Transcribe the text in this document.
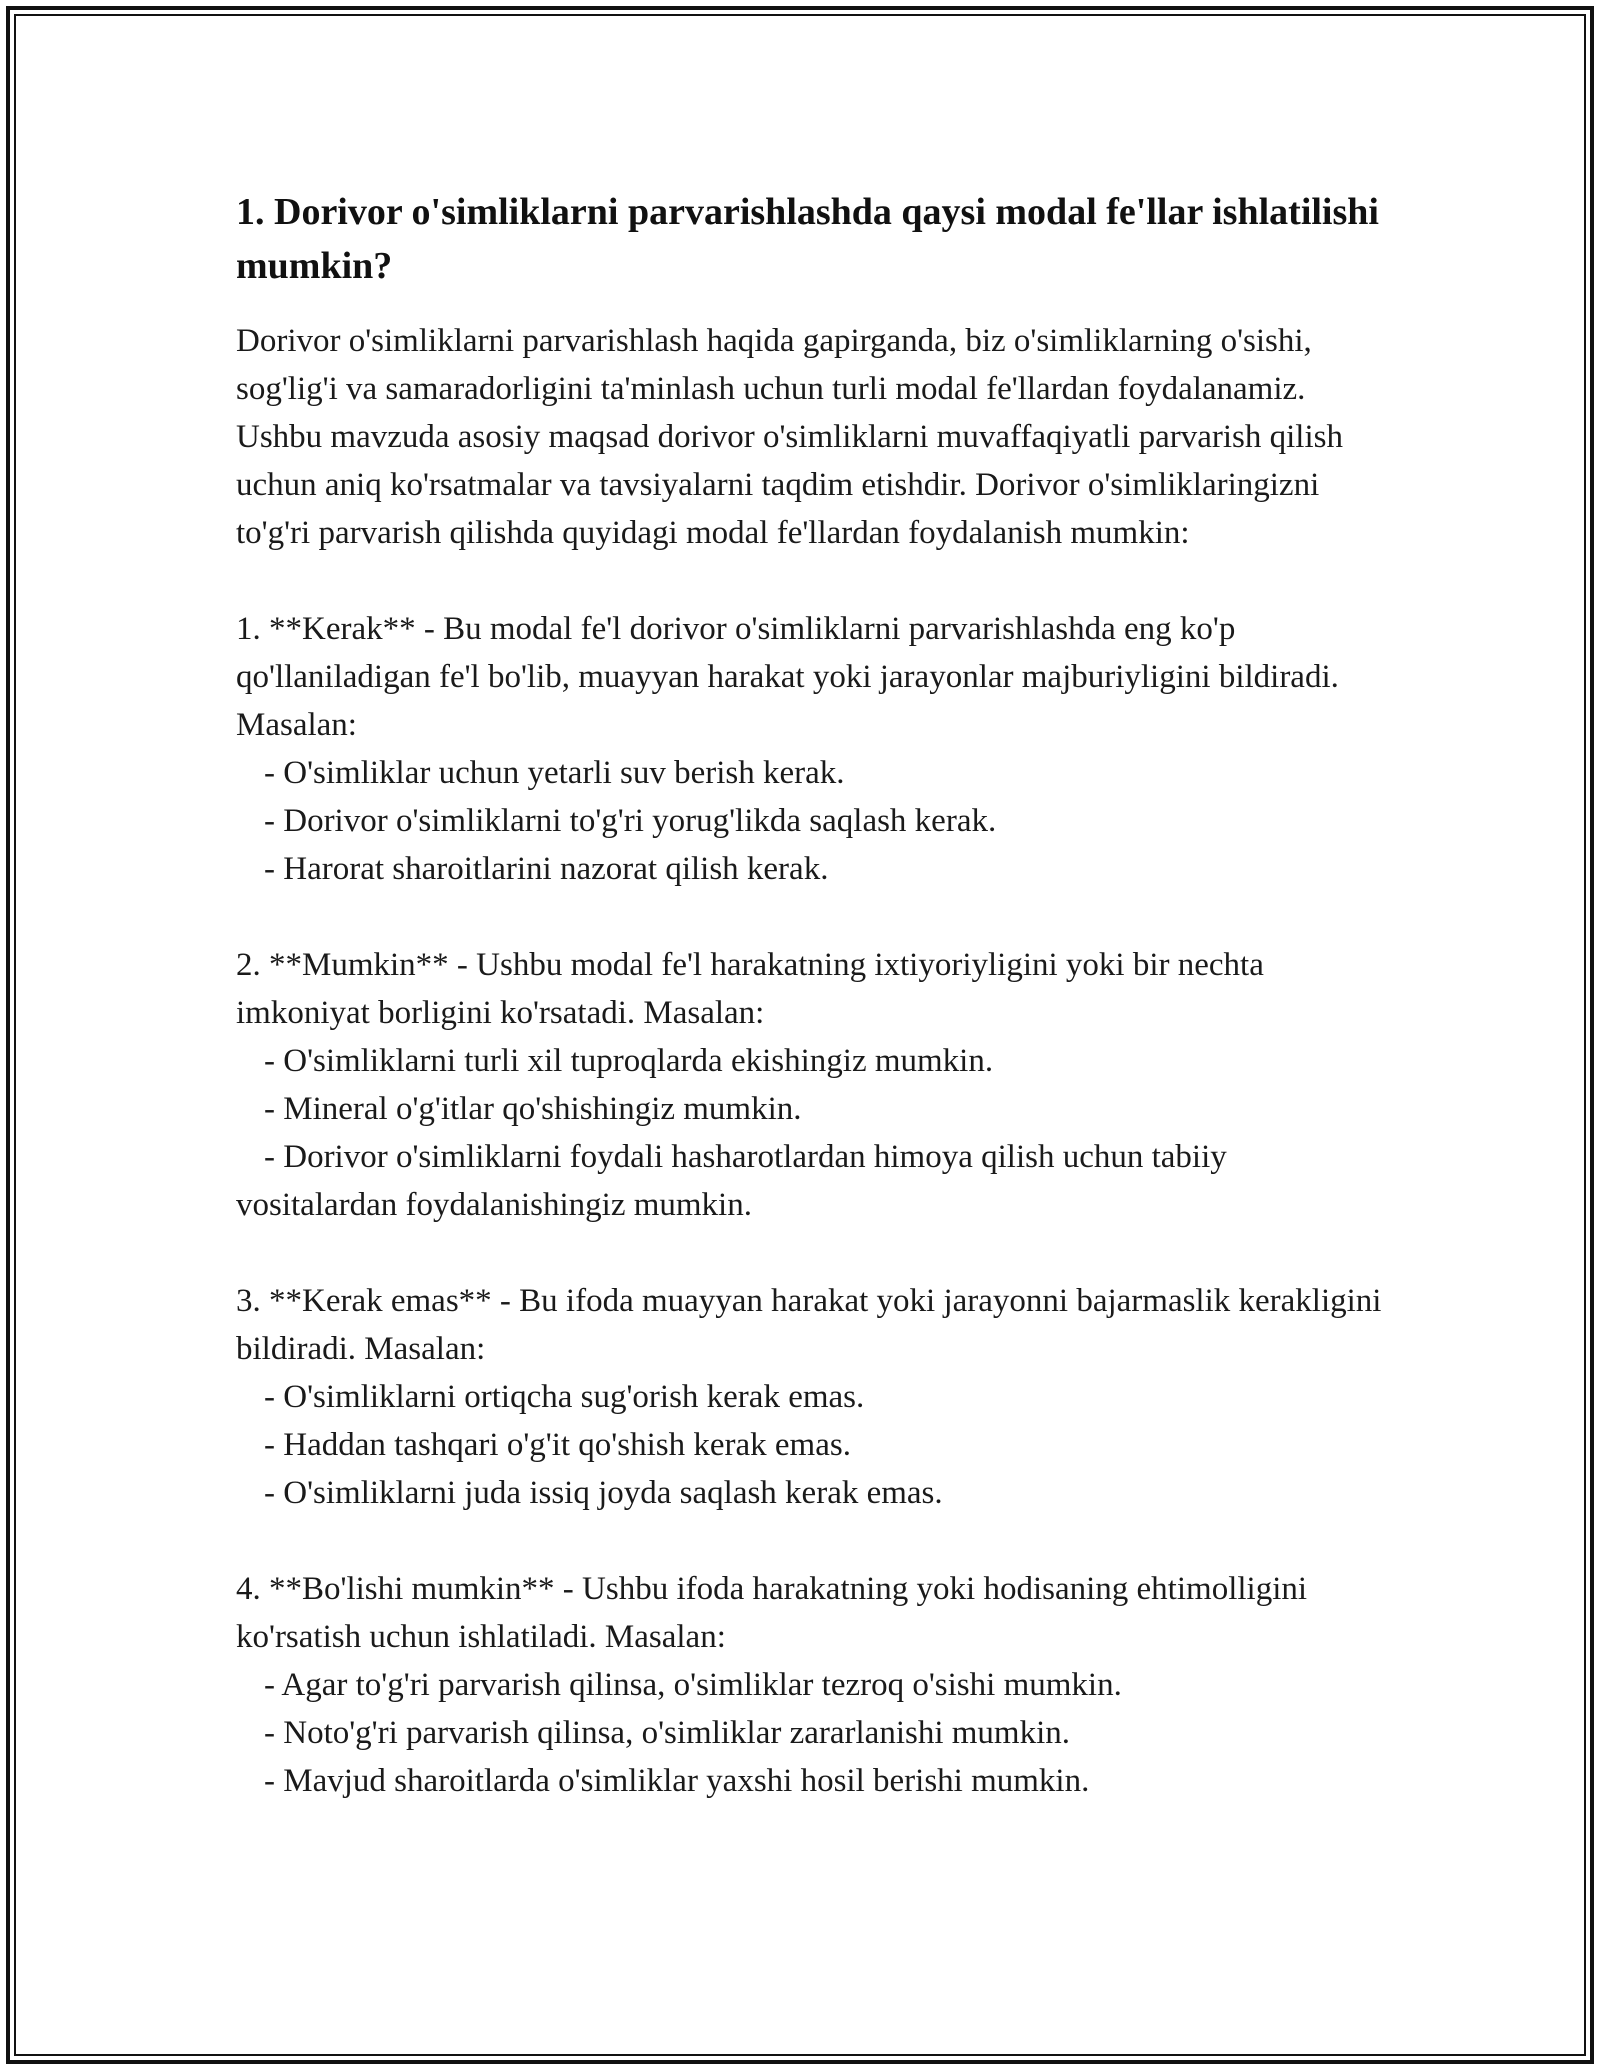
1. Dorivor o'simliklarni parvarishlashda qaysi modal fe'llar ishlatilishi mumkin?

Dorivor o'simliklarni parvarishlash haqida gapirganda, biz o'simliklarning o'sishi, sog'lig'i va samaradorligini ta'minlash uchun turli modal fe'llardan foydalanamiz. Ushbu mavzuda asosiy maqsad dorivor o'simliklarni muvaffaqiyatli parvarish qilish uchun aniq ko'rsatmalar va tavsiyalarni taqdim etishdir. Dorivor o'simliklaringizni to'g'ri parvarish qilishda quyidagi modal fe'llardan foydalanish mumkin:

1. **Kerak** - Bu modal fe'l dorivor o'simliklarni parvarishlashda eng ko'p qo'llaniladigan fe'l bo'lib, muayyan harakat yoki jarayonlar majburiyligini bildiradi. Masalan:

- O'simliklar uchun yetarli suv berish kerak.

- Dorivor o'simliklarni to'g'ri yorug'likda saqlash kerak.

- Harorat sharoitlarini nazorat qilish kerak.

2. **Mumkin** - Ushbu modal fe'l harakatning ixtiyoriyligini yoki bir nechta imkoniyat borligini ko'rsatadi. Masalan:

- O'simliklarni turli xil tuproqlarda ekishingiz mumkin.

- Mineral o'g'itlar qo'shishingiz mumkin.

- Dorivor o'simliklarni foydali hasharotlardan himoya qilish uchun tabiiy vositalardan foydalanishingiz mumkin.

3. **Kerak emas** - Bu ifoda muayyan harakat yoki jarayonni bajarmaslik kerakligini bildiradi. Masalan:

- O'simliklarni ortiqcha sug'orish kerak emas.

- Haddan tashqari o'g'it qo'shish kerak emas.

- O'simliklarni juda issiq joyda saqlash kerak emas.

4. **Bo'lishi mumkin** - Ushbu ifoda harakatning yoki hodisaning ehtimolligini ko'rsatish uchun ishlatiladi. Masalan:

- Agar to'g'ri parvarish qilinsa, o'simliklar tezroq o'sishi mumkin.

- Noto'g'ri parvarish qilinsa, o'simliklar zararlanishi mumkin.

- Mavjud sharoitlarda o'simliklar yaxshi hosil berishi mumkin.
